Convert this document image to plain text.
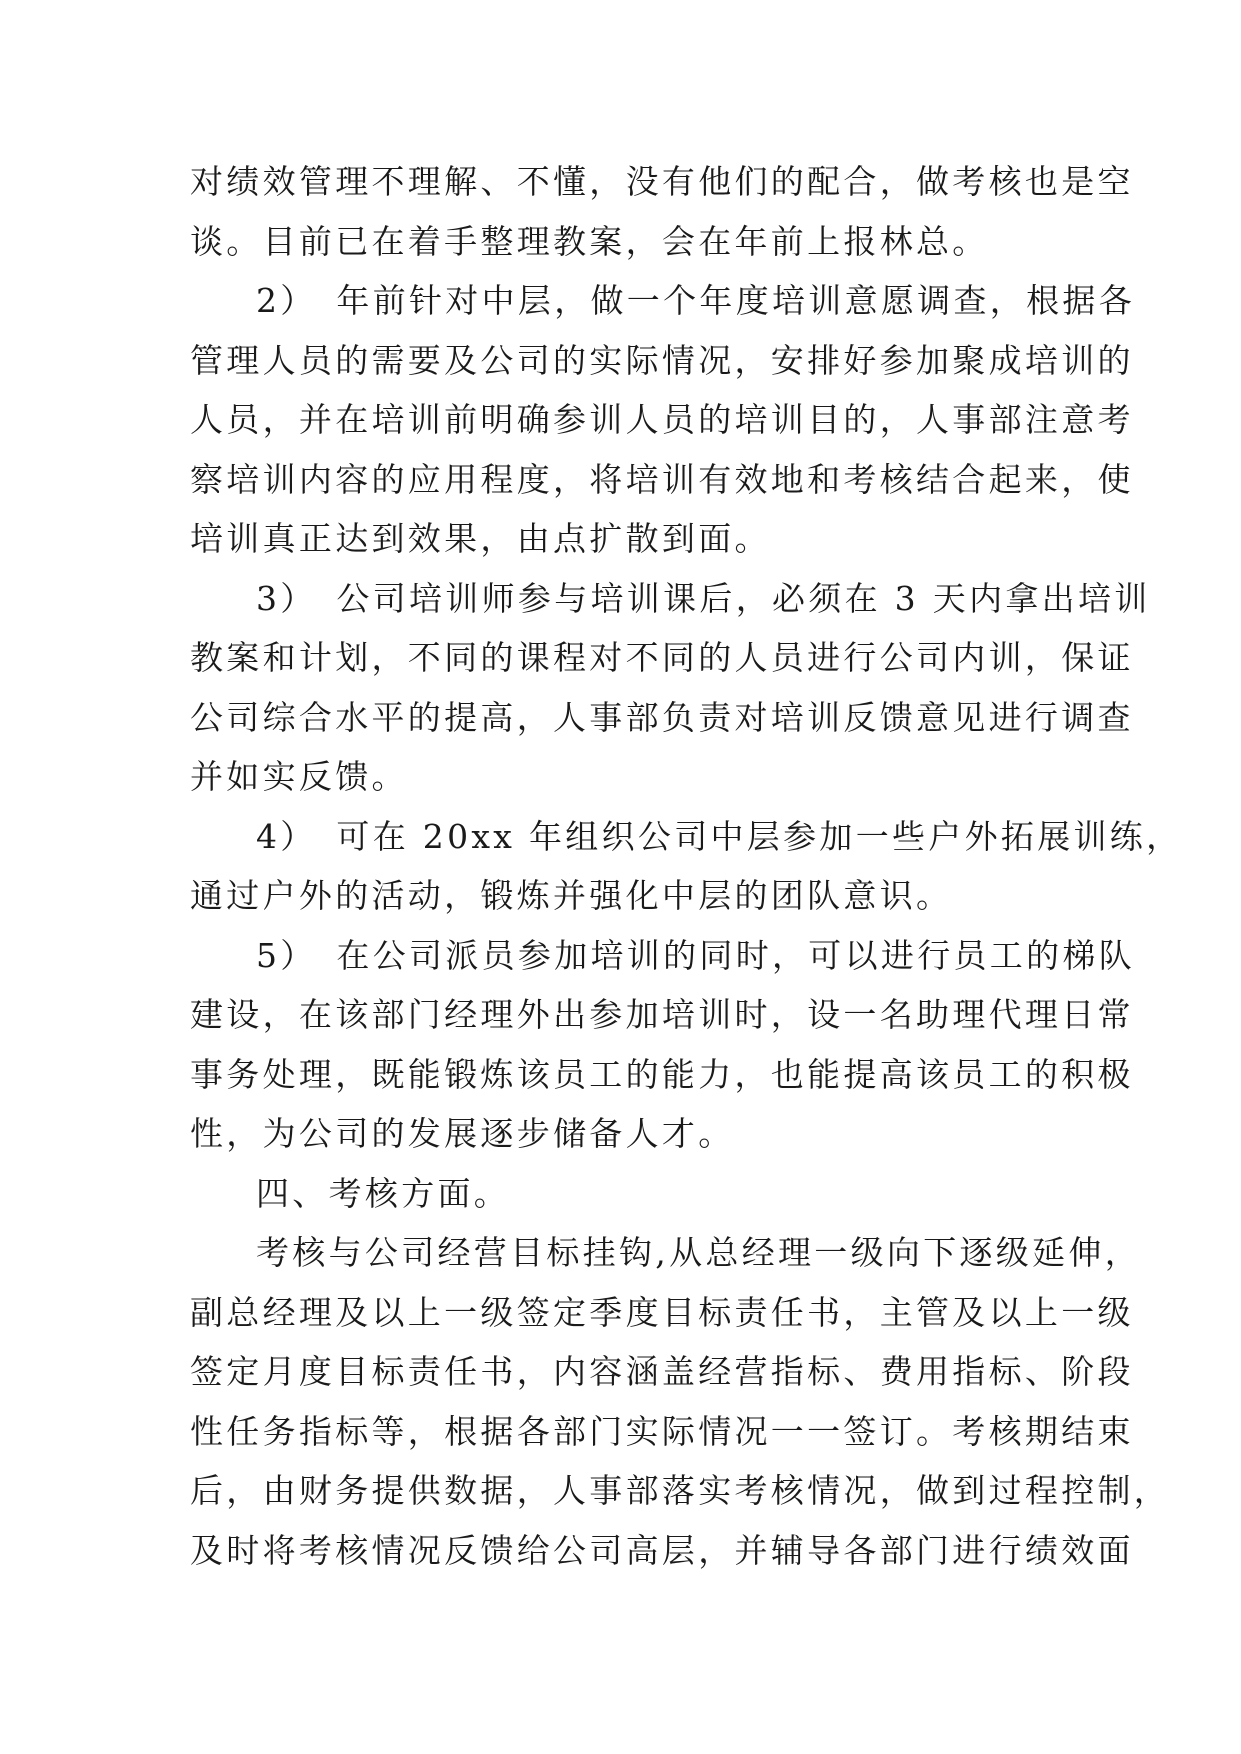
对绩效管理不理解、不懂，没有他们的配合，做考核也是空
谈。目前已在着手整理教案，会在年前上报林总。
2）　年前针对中层，做一个年度培训意愿调查，根据各
管理人员的需要及公司的实际情况，安排好参加聚成培训的
人员，并在培训前明确参训人员的培训目的，人事部注意考
察培训内容的应用程度，将培训有效地和考核结合起来，使
培训真正达到效果，由点扩散到面。
3）　公司培训师参与培训课后，必须在 3 天内拿出培训
教案和计划，不同的课程对不同的人员进行公司内训，保证
公司综合水平的提高，人事部负责对培训反馈意见进行调查
并如实反馈。
4）　可在 20xx 年组织公司中层参加一些户外拓展训练，
通过户外的活动，锻炼并强化中层的团队意识。
5）　在公司派员参加培训的同时，可以进行员工的梯队
建设，在该部门经理外出参加培训时，设一名助理代理日常
事务处理，既能锻炼该员工的能力，也能提高该员工的积极
性，为公司的发展逐步储备人才。
四、考核方面。
考核与公司经营目标挂钩,从总经理一级向下逐级延伸，
副总经理及以上一级签定季度目标责任书，主管及以上一级
签定月度目标责任书，内容涵盖经营指标、费用指标、阶段
性任务指标等，根据各部门实际情况一一签订。考核期结束
后，由财务提供数据，人事部落实考核情况，做到过程控制，
及时将考核情况反馈给公司高层，并辅导各部门进行绩效面
